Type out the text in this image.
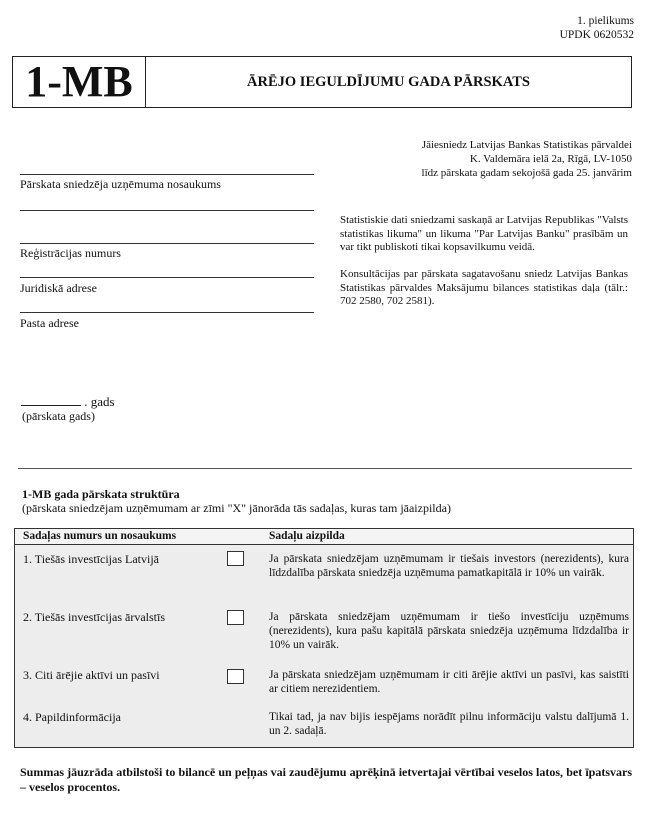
1. pielikums
UPDK 0620532
1-MB	ĀRĒJO IEGULDĪJUMU GADA PĀRSKATS
Jāiesniedz Latvijas Bankas Statistikas pārvaldei
K. Valdemāra ielā 2a, Rīgā, LV-1050
līdz pārskata gadam sekojošā gada 25. janvārim
Pārskata sniedzēja uzņēmuma nosaukums
Reģistrācijas numurs
Juridiskā adrese
Pasta adrese
Statistiskie dati sniedzami saskaņā ar Latvijas Republikas "Valsts statistikas likuma" un likuma "Par Latvijas Banku" prasībām un var tikt publiskoti tikai kopsavilkumu veidā.
Konsultācijas par pārskata sagatavošanu sniedz Latvijas Bankas Statistikas pārvaldes Maksājumu bilances statistikas daļa (tālr.: 702 2580, 702 2581).
. gads
(pārskata gads)
1-MB gada pārskata struktūra
(pārskata sniedzējam uzņēmumam ar zīmi "X" jānorāda tās sadaļas, kuras tam jāaizpilda)
Sadaļas numurs un nosaukums	Sadaļu aizpilda
1. Tiešās investīcijas Latvijā	Ja pārskata sniedzējam uzņēmumam ir tiešais investors (nerezidents), kura līdzdalība pārskata sniedzēja uzņēmuma pamatkapitālā ir 10% un vairāk.
2. Tiešās investīcijas ārvalstīs	Ja pārskata sniedzējam uzņēmumam ir tiešo investīciju uzņēmums (nerezidents), kura pašu kapitālā pārskata sniedzēja uzņēmuma līdzdalība ir 10% un vairāk.
3. Citi ārējie aktīvi un pasīvi	Ja pārskata sniedzējam uzņēmumam ir citi ārējie aktīvi un pasīvi, kas saistīti ar citiem nerezidentiem.
4. Papildinformācija	Tikai tad, ja nav bijis iespējams norādīt pilnu informāciju valstu dalījumā 1. un 2. sadaļā.
Summas jāuzrāda atbilstoši to bilancē un peļņas vai zaudējumu aprēķinā ietvertajai vērtībai veselos latos, bet īpatsvars – veselos procentos.
